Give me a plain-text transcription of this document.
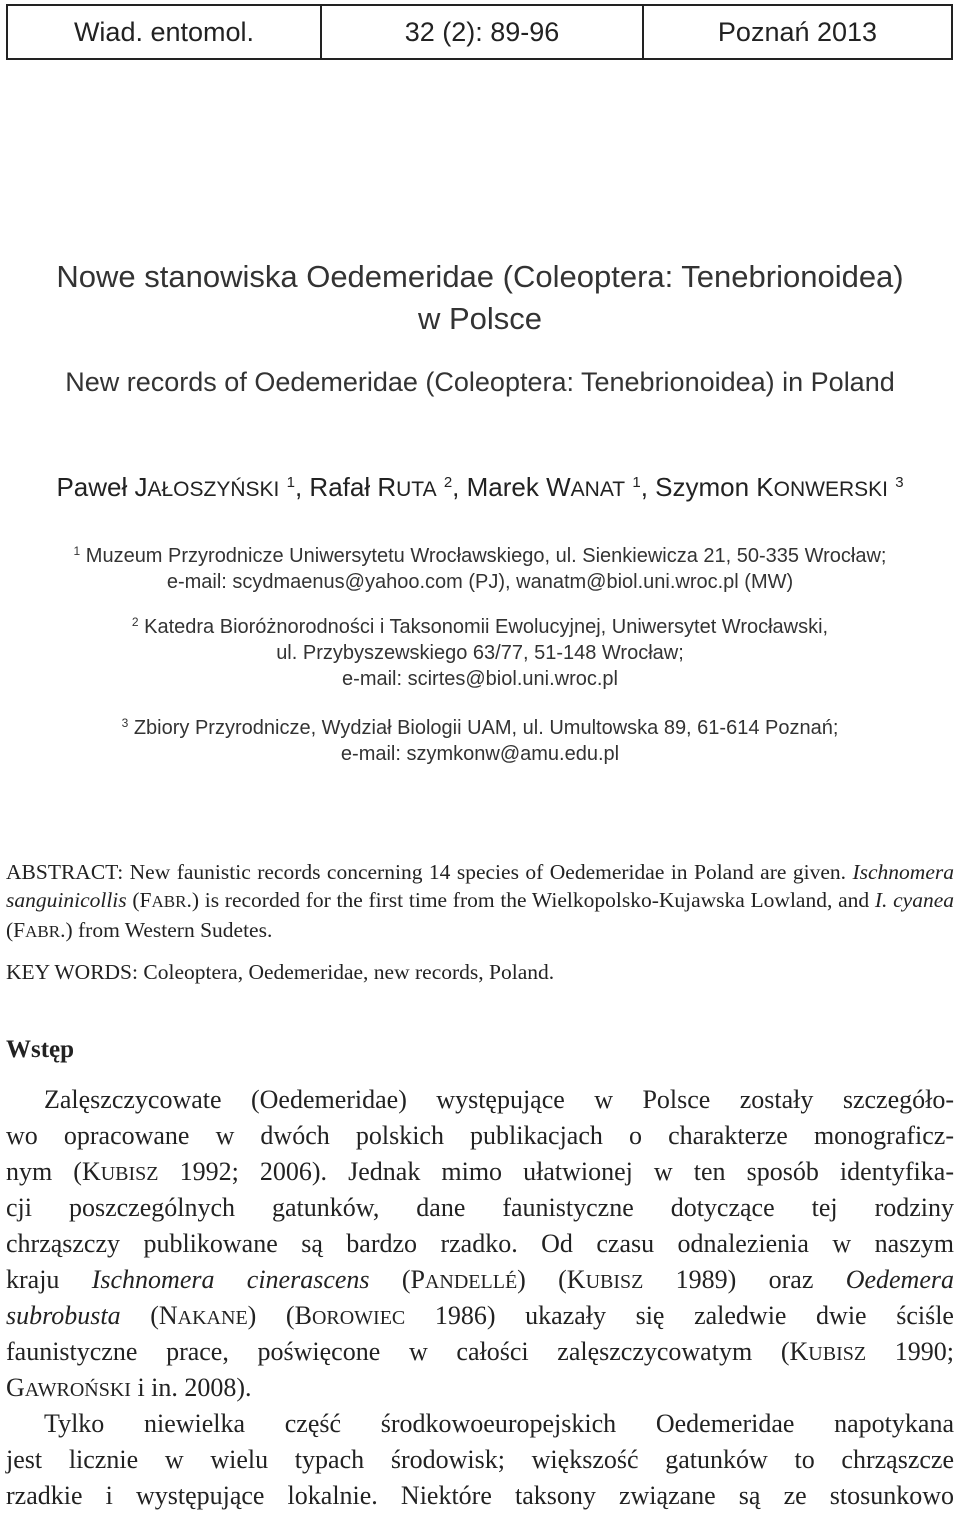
Wiad. entomol.	32 (2): 89-96	Poznań 2013
Nowe stanowiska Oedemeridae (Coleoptera: Tenebrionoidea)
w Polsce
New records of Oedemeridae (Coleoptera: Tenebrionoidea) in Poland
Paweł JAŁOSZYŃSKI $^1$, Rafał RUTA $^2$, Marek WANAT $^1$, Szymon KONWERSKI $^3$
$^1$ Muzeum Przyrodnicze Uniwersytetu Wrocławskiego, ul. Sienkiewicza 21, 50-335 Wrocław;
e-mail: scydmaenus@yahoo.com (PJ), wanatm@biol.uni.wroc.pl (MW)
$^2$ Katedra Bioróżnorodności i Taksonomii Ewolucyjnej, Uniwersytet Wrocławski,
ul. Przybyszewskiego 63/77, 51-148 Wrocław;
e-mail: scirtes@biol.uni.wroc.pl
$^3$ Zbiory Przyrodnicze, Wydział Biologii UAM, ul. Umultowska 89, 61-614 Poznań;
e-mail: szymkonw@amu.edu.pl
ABSTRACT: New faunistic records concerning 14 species of Oedemeridae in Poland are given. Ischnomera sanguinicollis (FABR.) is recorded for the first time from the Wielkopolsko-Kujawska Lowland, and I. cyanea (FABR.) from Western Sudetes.
KEY WORDS: Coleoptera, Oedemeridae, new records, Poland.
Wstęp
Zalęszczycowate (Oedemeridae) występujące w Polsce zostały szczegóło-
wo opracowane w dwóch polskich publikacjach o charakterze monograficz-
nym (KUBISZ 1992; 2006). Jednak mimo ułatwionej w ten sposób identyfika-
cji poszczególnych gatunków, dane faunistyczne dotyczące tej rodziny
chrząszczy publikowane są bardzo rzadko. Od czasu odnalezienia w naszym
kraju Ischnomera cinerascens (PANDELLÉ) (KUBISZ 1989) oraz Oedemera
subrobusta (NAKANE) (BOROWIEC 1986) ukazały się zaledwie dwie ściśle
faunistyczne prace, poświęcone w całości zalęszczycowatym (KUBISZ 1990;
GAWROŃSKI i in. 2008).
Tylko niewielka część środkowoeuropejskich Oedemeridae napotykana
jest licznie w wielu typach środowisk; większość gatunków to chrząszcze
rzadkie i występujące lokalnie. Niektóre taksony związane są ze stosunkowo
